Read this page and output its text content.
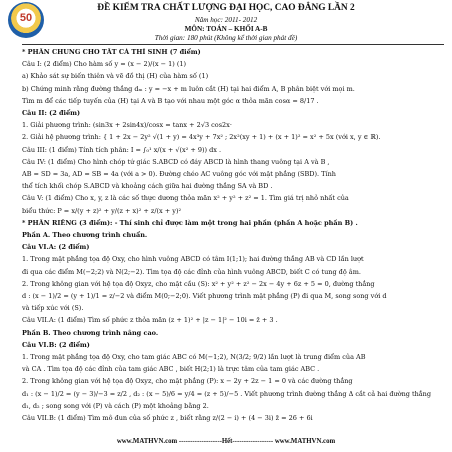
50
ĐỀ KIỂM TRA CHẤT LƯỢNG ĐẠI HỌC, CAO ĐẲNG LẦN 2
Năm học: 2011- 2012
MÔN: TOÁN – KHỐI A-B
Thời gian: 180 phút (Không kể thời gian phát đề)
* PHẦN CHUNG CHO TẤT CẢ THÍ SINH (7 điểm)
Câu I: (2 điểm) Cho hàm số y = (x − 2)/(x − 1) (1)
a) Khảo sát sự biến thiên và vẽ đồ thị (H) của hàm số (1)
b) Chứng minh rằng đường thẳng dₘ : y = −x + m luôn cắt (H) tại hai điểm A, B phân biệt với mọi m.
Tìm m để các tiếp tuyến của (H) tại A và B tạo với nhau một góc α thỏa mãn cosα = 8/17 .
Câu II: (2 điểm)
1. Giải phương trình: (sin3x + 2sin4x)/cosx = tanx + 2√3 cos2x·
2. Giải hệ phương trình: { 1 + 2x − 2y² √(1 + y) = 4x³y + 7x² ; 2x²(xy + 1) + (x + 1)² = x² + 5x (với x, y ∈ ℝ).
Câu III: (1 điểm) Tính tích phân: I = ∫₀¹ x/(x + √(x² + 9)) dx .
Câu IV: (1 điểm) Cho hình chóp tứ giác S.ABCD có đáy ABCD là hình thang vuông tại A và B ,
AB = SD = 3a, AD = SB = 4a (với a > 0). Đường chéo AC vuông góc với mặt phẳng (SBD). Tính
thể tích khối chóp S.ABCD và khoảng cách giữa hai đường thẳng SA và BD .
Câu V: (1 điểm) Cho x, y, z là các số thực dương thỏa mãn x² + y² + z² = 1. Tìm giá trị nhỏ nhất của
biểu thức: P = x/(y + z)² + y/(z + x)² + z/(x + y)²
* PHẦN RIÊNG (3 điểm): - Thí sinh chỉ được làm một trong hai phần (phần A hoặc phần B) .
Phần A. Theo chương trình chuẩn.
Câu VI.A: (2 điểm)
1. Trong mặt phẳng tọa độ Oxy, cho hình vuông ABCD có tâm I(1;1); hai đường thẳng AB và CD lần lượt
đi qua các điểm M(−2;2) và N(2;−2). Tìm tọa độ các đỉnh của hình vuông ABCD, biết C có tung độ âm.
2. Trong không gian với hệ tọa độ Oxyz, cho mặt cầu (S): x² + y² + z² − 2x − 4y + 6z + 5 = 0, đường thẳng
d : (x − 1)/2 = (y + 1)/1 = z/−2 và điểm M(0;−2;0). Viết phương trình mặt phẳng (P) đi qua M, song song với d
và tiếp xúc với (S).
Câu VII.A: (1 điểm) Tìm số phức z thỏa mãn (z + 1)² + |z − 1|² − 10i = z̄ + 3 .
Phần B. Theo chương trình nâng cao.
Câu VI.B: (2 điểm)
1. Trong mặt phẳng tọa độ Oxy, cho tam giác ABC có M(−1;2), N(3/2; 9/2) lần lượt là trung điểm của AB
và CA . Tìm tọa độ các đỉnh của tam giác ABC , biết H(2;1) là trực tâm của tam giác ABC .
2. Trong không gian với hệ tọa độ Oxyz, cho mặt phẳng (P): x − 2y + 2z − 1 = 0 và các đường thẳng
d₁ : (x − 1)/2 = (y − 3)/−3 = z/2 , d₂ : (x − 5)/6 = y/4 = (z + 5)/−5 . Viết phương trình đường thẳng Δ cắt cả hai đường thẳng
d₁, d₂ ; song song với (P) và cách (P) một khoảng bằng 2.
Câu VII.B: (1 điểm) Tìm mô đun của số phức z , biết rằng z/(2 − i) + (4 − 3i) z̄ = 26 + 6i
www.MATHVN.com -------------------Hết------------------ www.MATHVN.com
